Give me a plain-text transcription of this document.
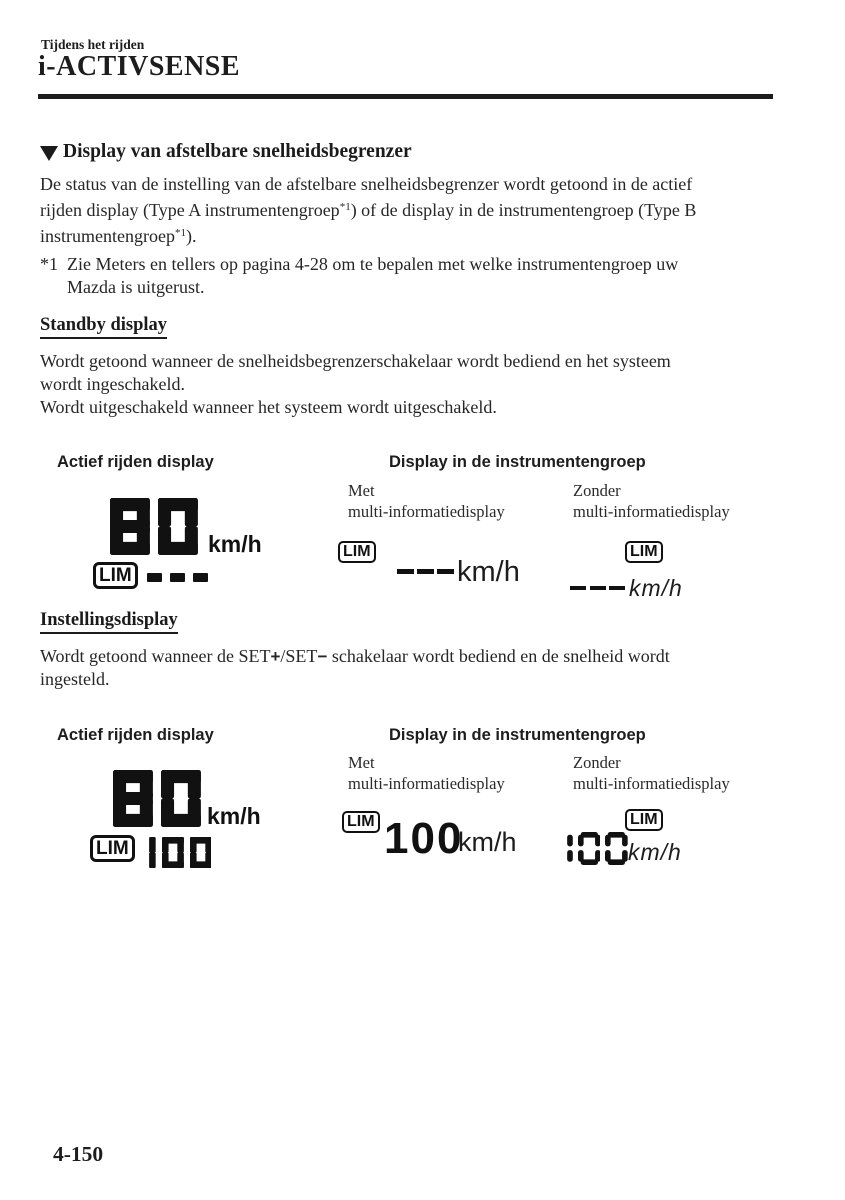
Tijdens het rijden
i-ACTIVSENSE
Display van afstelbare snelheidsbegrenzer
De status van de instelling van de afstelbare snelheidsbegrenzer wordt getoond in de actief
rijden display (Type A instrumentengroep$^{*1}$) of de display in de instrumentengroep (Type B
instrumentengroep$^{*1}$).
*1 Zie Meters en tellers op pagina 4-28 om te bepalen met welke instrumentengroep uw
Mazda is uitgerust.
Standby display
Wordt getoond wanneer de snelheidsbegrenzerschakelaar wordt bediend en het systeem
wordt ingeschakeld.
Wordt uitgeschakeld wanneer het systeem wordt uitgeschakeld.
Actief rijden display	Display in de instrumentengroep
Met
multi-informatiedisplay
Zonder
multi-informatiedisplay
km/h
LIM
LIM
km/h
LIM
km/h
Instellingsdisplay
Wordt getoond wanneer de SET+/SET− schakelaar wordt bediend en de snelheid wordt
ingesteld.
Actief rijden display	Display in de instrumentengroep
Met
multi-informatiedisplay
Zonder
multi-informatiedisplay
km/h
LIM
LIM 100
km/h
LIM
km/h
4-150
